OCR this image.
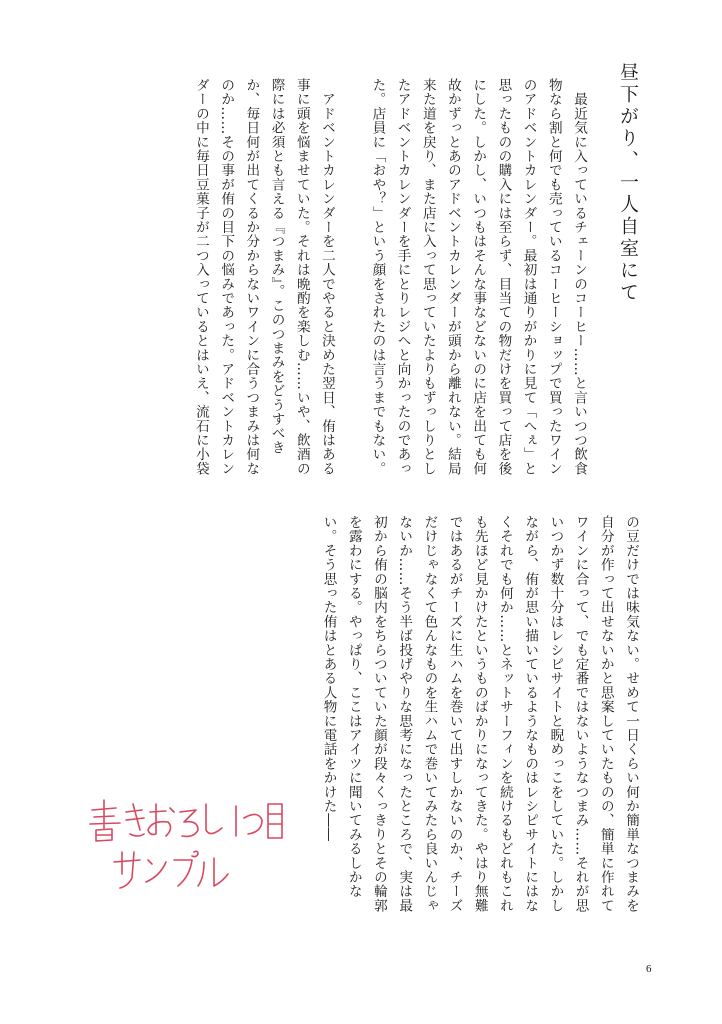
昼下がり、一人自室にて
　最近気に入っているチェーンのコーヒー……と言いつつ飲食
物なら割と何でも売っているコーヒーショップで買ったワイン
のアドベントカレンダー。最初は通りがかりに見て「へぇ」と
思ったものの購入には至らず、目当ての物だけを買って店を後
にした。しかし、いつもはそんな事などないのに店を出ても何
故かずっとあのアドベントカレンダーが頭から離れない。結局
来た道を戻り、また店に入って思っていたよりもずっしりとし
たアドベントカレンダーを手にとりレジへと向かったのであっ
た。店員に「おや？」という顔をされたのは言うまでもない。

　アドベントカレンダーを二人でやると決めた翌日、侑はある
事に頭を悩ませていた。それは晩酌を楽しむ……いや、飲酒の
際には必須とも言える『つまみ』。このつまみをどうすべき
か、毎日何が出てくるか分からないワインに合うつまみは何な
のか……その事が侑の目下の悩みであった。アドベントカレン
ダーの中に毎日豆菓子が二つ入っているとはいえ、流石に小袋
の豆だけでは味気ない。せめて一日くらい何か簡単なつまみを
自分が作って出せないかと思案していたものの、簡単に作れて
ワインに合って、でも定番ではないようなつまみ……それが思
いつかず数十分はレシピサイトと睨めっこをしていた。しかし
ながら、侑が思い描いているようなものはレシピサイトにはな
くそれでも何か……とネットサーフィンを続けるもどれもこれ
も先ほど見かけたというものばかりになってきた。やはり無難
ではあるがチーズに生ハムを巻いて出すしかないのか、チーズ
だけじゃなくて色んなものを生ハムで巻いてみたら良いんじゃ
ないか……そう半ば投げやりな思考になったところで、実は最
初から侑の脳内をちらついていた顔が段々くっきりとその輪郭
を露わにする。やっぱり、ここはアイツに聞いてみるしかな
い。そう思った侑はとある人物に電話をかけた――
6
